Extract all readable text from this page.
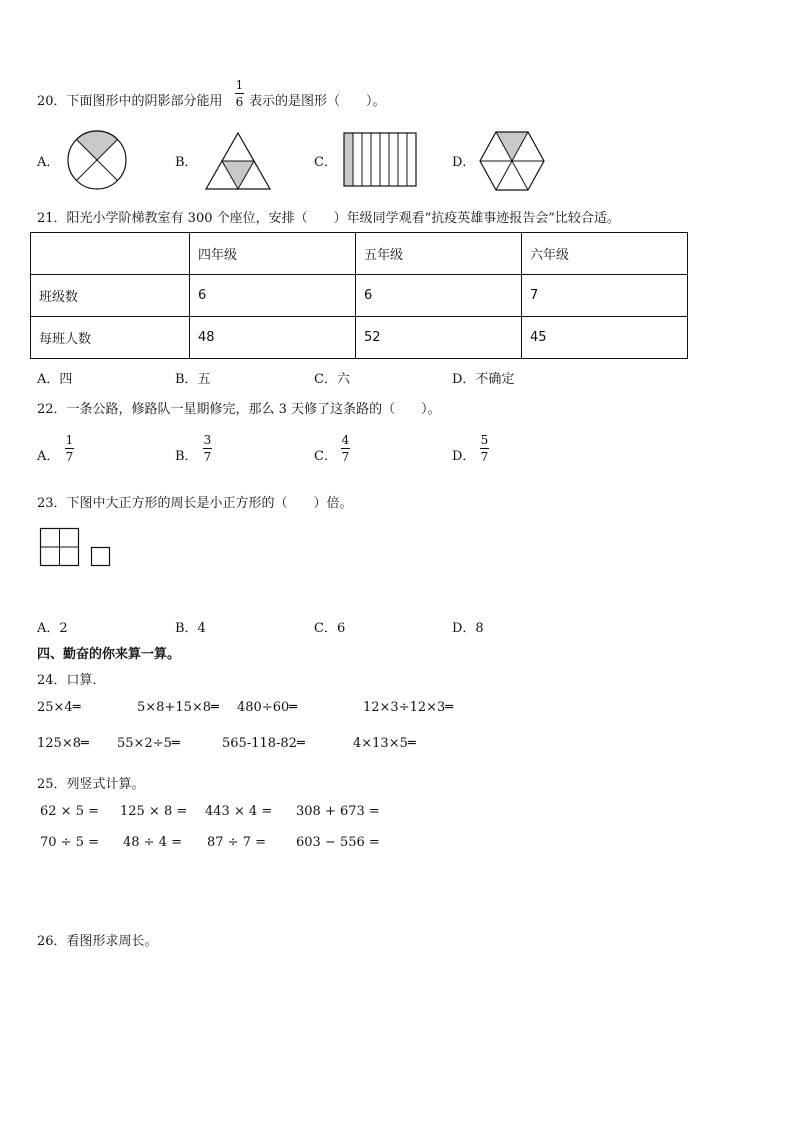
20．下面图形中的阴影部分能用
1
6 表示的是图形（　　）。
A．	B．	C．	D．
21．阳光小学阶梯教室有 300 个座位，安排（　　）年级同学观看“抗疫英雄事迹报告会”比较合适。
	四年级	五年级	六年级
班级数	6	6	7
每班人数	48	52	45
A．四	B．五	C．六	D．不确定
22．一条公路，修路队一星期修完，那么 3 天修了这条路的（　　）。
A．
1
7	B．
3
7	C．
4
7	D．
5
7
23．下图中大正方形的周长是小正方形的（　　）倍。
A．2	B．4	C．6	D．8
四、勤奋的你来算一算。
24．口算．
25×4═	5×8+15×8═ 480÷60═	12×3÷12×3═
125×8═ 55×2÷5═	565-118-82═	4×13×5═
25．列竖式计算。
62 × 5 = 125 × 8 = 443 × 4 = 308 + 673 =
70 ÷ 5 = 48 ÷ 4 = 87 ÷ 7 = 603 − 556 =
26．看图形求周长。
